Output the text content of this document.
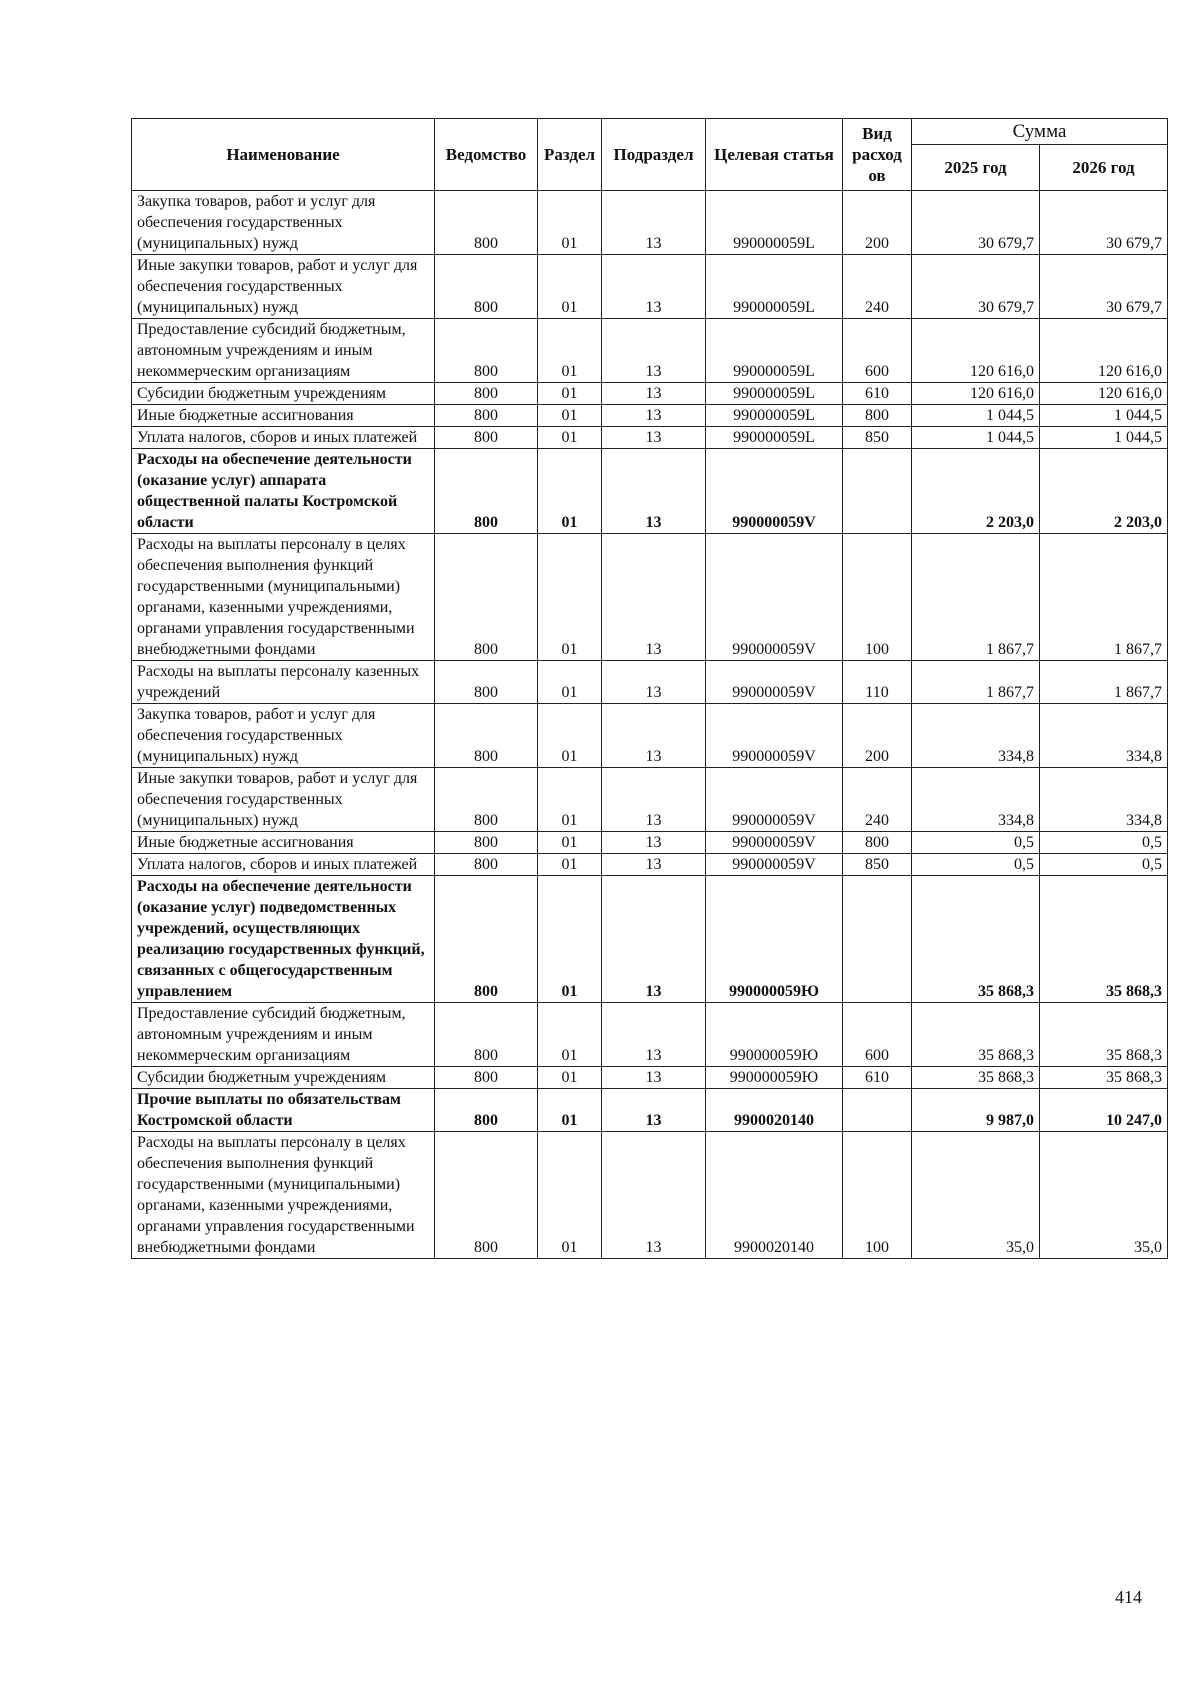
Наименование	Ведомство	Раздел	Подраздел	Целевая статья	Вид расход ов	Сумма	
						2025 год	2026 год
Закупка товаров, работ и услуг для обеспечения государственных (муниципальных) нужд	800	01	13	990000059L	200	30 679,7	30 679,7
Иные закупки товаров, работ и услуг для обеспечения государственных (муниципальных) нужд	800	01	13	990000059L	240	30 679,7	30 679,7
Предоставление субсидий бюджетным, автономным учреждениям и иным некоммерческим организациям	800	01	13	990000059L	600	120 616,0	120 616,0
Субсидии бюджетным учреждениям	800	01	13	990000059L	610	120 616,0	120 616,0
Иные бюджетные ассигнования	800	01	13	990000059L	800	1 044,5	1 044,5
Уплата налогов, сборов и иных платежей	800	01	13	990000059L	850	1 044,5	1 044,5
Расходы на обеспечение деятельности (оказание услуг) аппарата общественной палаты Костромской области	800	01	13	990000059V		2 203,0	2 203,0
Расходы на выплаты персоналу в целях обеспечения выполнения функций государственными (муниципальными) органами, казенными учреждениями, органами управления государственными внебюджетными фондами	800	01	13	990000059V	100	1 867,7	1 867,7
Расходы на выплаты персоналу казенных учреждений	800	01	13	990000059V	110	1 867,7	1 867,7
Закупка товаров, работ и услуг для обеспечения государственных (муниципальных) нужд	800	01	13	990000059V	200	334,8	334,8
Иные закупки товаров, работ и услуг для обеспечения государственных (муниципальных) нужд	800	01	13	990000059V	240	334,8	334,8
Иные бюджетные ассигнования	800	01	13	990000059V	800	0,5	0,5
Уплата налогов, сборов и иных платежей	800	01	13	990000059V	850	0,5	0,5
Расходы на обеспечение деятельности (оказание услуг) подведомственных учреждений, осуществляющих реализацию государственных функций, связанных с общегосударственным управлением	800	01	13	990000059Ю		35 868,3	35 868,3
Предоставление субсидий бюджетным, автономным учреждениям и иным некоммерческим организациям	800	01	13	990000059Ю	600	35 868,3	35 868,3
Субсидии бюджетным учреждениям	800	01	13	990000059Ю	610	35 868,3	35 868,3
Прочие выплаты по обязательствам Костромской области	800	01	13	9900020140		9 987,0	10 247,0
Расходы на выплаты персоналу в целях обеспечения выполнения функций государственными (муниципальными) органами, казенными учреждениями, органами управления государственными внебюджетными фондами	800	01	13	9900020140	100	35,0	35,0
414
